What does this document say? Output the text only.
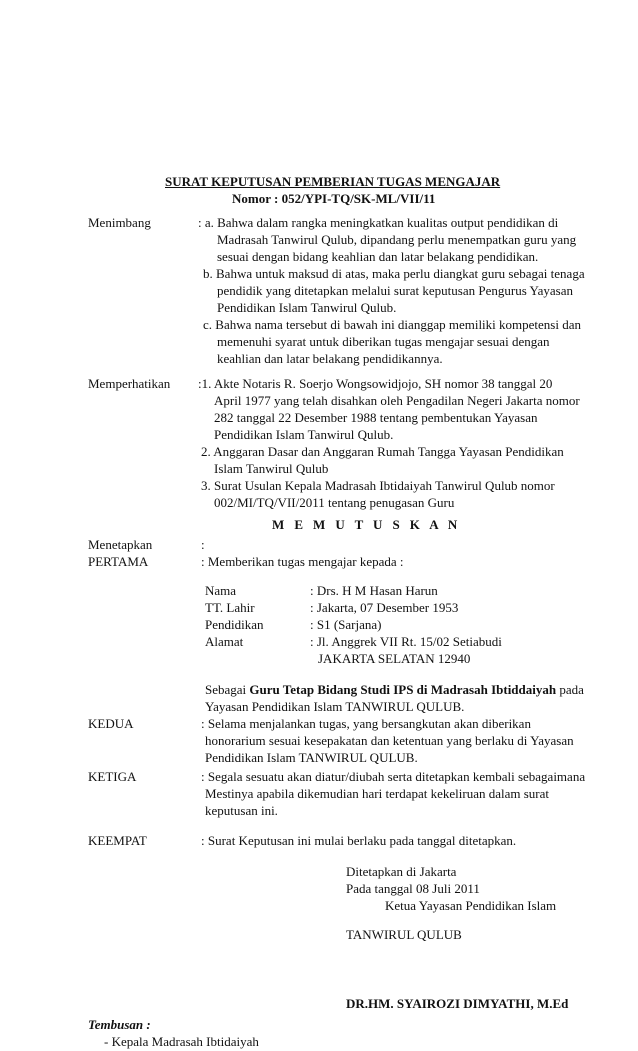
SURAT KEPUTUSAN PEMBERIAN TUGAS MENGAJAR
Nomor : 052/YPI-TQ/SK-ML/VII/11
Menimbang	: a. Bahwa dalam rangka meningkatkan kualitas output pendidikan di
Madrasah Tanwirul Qulub, dipandang perlu menempatkan guru yang
sesuai dengan bidang keahlian dan latar belakang pendidikan.
b. Bahwa untuk maksud di atas, maka perlu diangkat guru sebagai tenaga
pendidik yang ditetapkan melalui surat keputusan Pengurus Yayasan
Pendidikan Islam Tanwirul Qulub.
c. Bahwa nama tersebut di bawah ini dianggap memiliki kompetensi dan
memenuhi syarat untuk diberikan tugas mengajar sesuai dengan
keahlian dan latar belakang pendidikannya.
Memperhatikan :1. Akte Notaris R. Soerjo Wongsowidjojo, SH nomor 38 tanggal 20
April 1977 yang telah disahkan oleh Pengadilan Negeri Jakarta nomor
282 tanggal 22 Desember 1988 tentang pembentukan Yayasan
Pendidikan Islam Tanwirul Qulub.
2. Anggaran Dasar dan Anggaran Rumah Tangga Yayasan Pendidikan
Islam Tanwirul Qulub
3. Surat Usulan Kepala Madrasah Ibtidaiyah Tanwirul Qulub nomor
002/MI/TQ/VII/2011 tentang penugasan Guru
M E M U T U S K A N
Menetapkan	:
PERTAMA	: Memberikan tugas mengajar kepada :
Nama	: Drs. H M Hasan Harun
TT. Lahir	: Jakarta, 07 Desember 1953
Pendidikan	: S1 (Sarjana)
Alamat	: Jl. Anggrek VII Rt. 15/02 Setiabudi
JAKARTA SELATAN 12940
Sebagai Guru Tetap Bidang Studi IPS di Madrasah Ibtiddaiyah pada
Yayasan Pendidikan Islam TANWIRUL QULUB.
KEDUA	: Selama menjalankan tugas, yang bersangkutan akan diberikan
honorarium sesuai kesepakatan dan ketentuan yang berlaku di Yayasan
Pendidikan Islam TANWIRUL QULUB.
KETIGA	: Segala sesuatu akan diatur/diubah serta ditetapkan kembali sebagaimana
Mestinya apabila dikemudian hari terdapat kekeliruan dalam surat
keputusan ini.
KEEMPAT	: Surat Keputusan ini mulai berlaku pada tanggal ditetapkan.
Ditetapkan di Jakarta
Pada tanggal 08 Juli 2011
Ketua Yayasan Pendidikan Islam
TANWIRUL QULUB
DR.HM. SYAIROZI DIMYATHI, M.Ed
Tembusan :
- Kepala Madrasah Ibtidaiyah
